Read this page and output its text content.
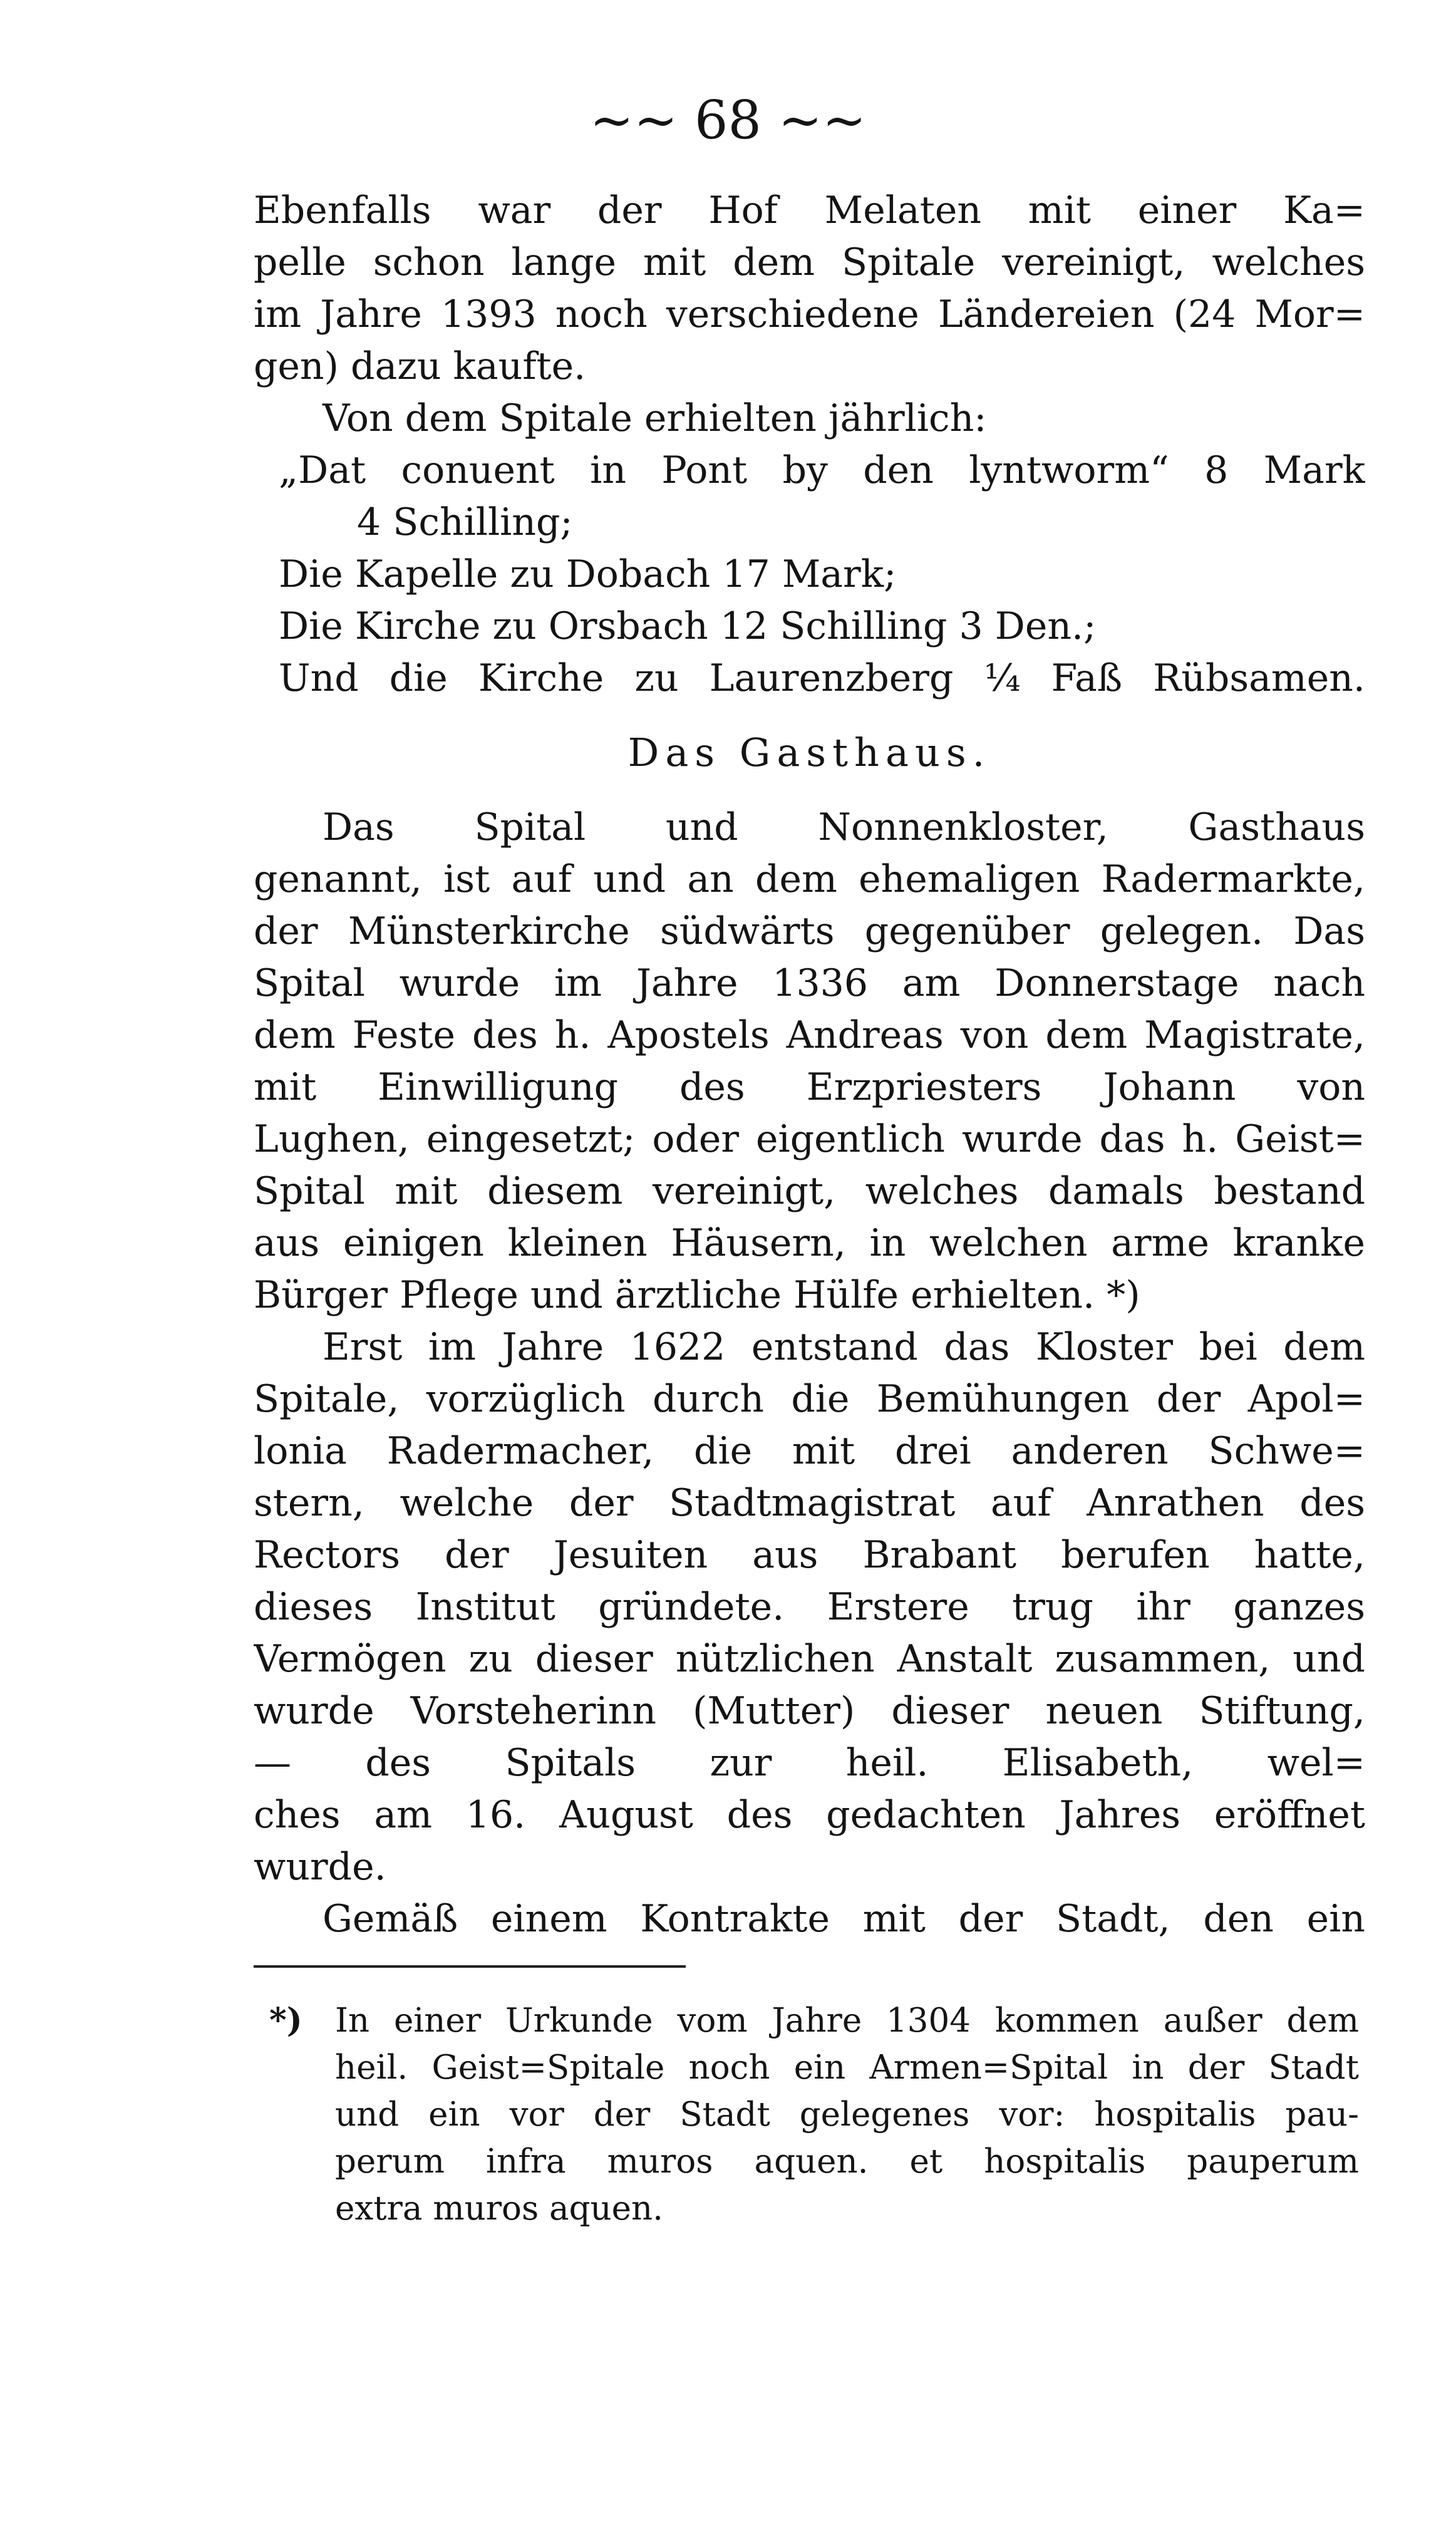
~~ 68 ~~
Ebenfalls war der Hof Melaten mit einer Ka=
pelle schon lange mit dem Spitale vereinigt, welches
im Jahre 1393 noch verschiedene Ländereien (24 Mor=
gen) dazu kaufte.
Von dem Spitale erhielten jährlich:
„Dat conuent in Pont by den lyntworm“ 8 Mark
4 Schilling;
Die Kapelle zu Dobach 17 Mark;
Die Kirche zu Orsbach 12 Schilling 3 Den.;
Und die Kirche zu Laurenzberg ¼ Faß Rübsamen.
Das Gasthaus.
Das Spital und Nonnenkloster, Gasthaus
genannt, ist auf und an dem ehemaligen Radermarkte,
der Münsterkirche südwärts gegenüber gelegen. Das
Spital wurde im Jahre 1336 am Donnerstage nach
dem Feste des h. Apostels Andreas von dem Magistrate,
mit Einwilligung des Erzpriesters Johann von
Lughen, eingesetzt; oder eigentlich wurde das h. Geist=
Spital mit diesem vereinigt, welches damals bestand
aus einigen kleinen Häusern, in welchen arme kranke
Bürger Pflege und ärztliche Hülfe erhielten. *)
Erst im Jahre 1622 entstand das Kloster bei dem
Spitale, vorzüglich durch die Bemühungen der Apol=
lonia Radermacher, die mit drei anderen Schwe=
stern, welche der Stadtmagistrat auf Anrathen des
Rectors der Jesuiten aus Brabant berufen hatte,
dieses Institut gründete. Erstere trug ihr ganzes
Vermögen zu dieser nützlichen Anstalt zusammen, und
wurde Vorsteherinn (Mutter) dieser neuen Stiftung,
— des Spitals zur heil. Elisabeth, wel=
ches am 16. August des gedachten Jahres eröffnet
wurde.
Gemäß einem Kontrakte mit der Stadt, den ein
*) In einer Urkunde vom Jahre 1304 kommen außer dem
heil. Geist=Spitale noch ein Armen=Spital in der Stadt
und ein vor der Stadt gelegenes vor: hospitalis pau-
perum infra muros aquen. et hospitalis pauperum
extra muros aquen.
